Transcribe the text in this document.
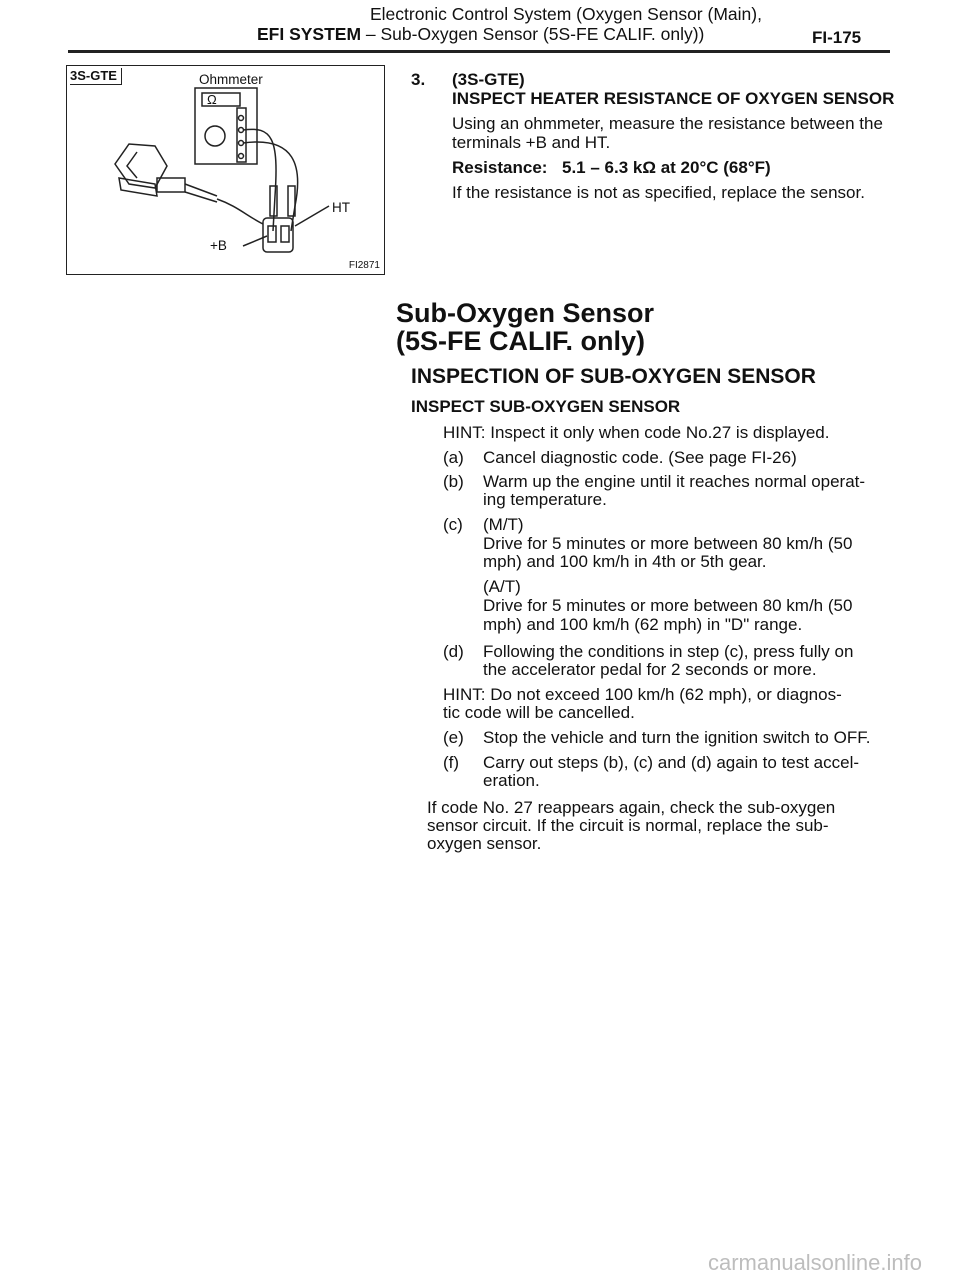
Electronic Control System (Oxygen Sensor (Main),
EFI SYSTEM – Sub-Oxygen Sensor (5S-FE CALIF. only))	FI-175
3S-GTE	Ohmmeter
Ω
+B
HT
FI2871
3. (3S-GTE)
INSPECT HEATER RESISTANCE OF OXYGEN SENSOR
Using an ohmmeter, measure the resistance between the
terminals +B and HT.
Resistance: 5.1 – 6.3 kΩ at 20°C (68°F)
If the resistance is not as specified, replace the sensor.
Sub-Oxygen Sensor
(5S-FE CALIF. only)
INSPECTION OF SUB-OXYGEN SENSOR
INSPECT SUB-OXYGEN SENSOR
HINT: Inspect it only when code No.27 is displayed.
(a) Cancel diagnostic code. (See page FI-26)
(b) Warm up the engine until it reaches normal operat-
ing temperature.
(c) (M/T)
Drive for 5 minutes or more between 80 km/h (50
mph) and 100 km/h in 4th or 5th gear.
(A/T)
Drive for 5 minutes or more between 80 km/h (50
mph) and 100 km/h (62 mph) in "D" range.
(d) Following the conditions in step (c), press fully on
the accelerator pedal for 2 seconds or more.
HINT: Do not exceed 100 km/h (62 mph), or diagnos-
tic code will be cancelled.
(e) Stop the vehicle and turn the ignition switch to OFF.
(f) Carry out steps (b), (c) and (d) again to test accel-
eration.
If code No. 27 reappears again, check the sub-oxygen
sensor circuit. If the circuit is normal, replace the sub-
oxygen sensor.
carmanualsonline.info
